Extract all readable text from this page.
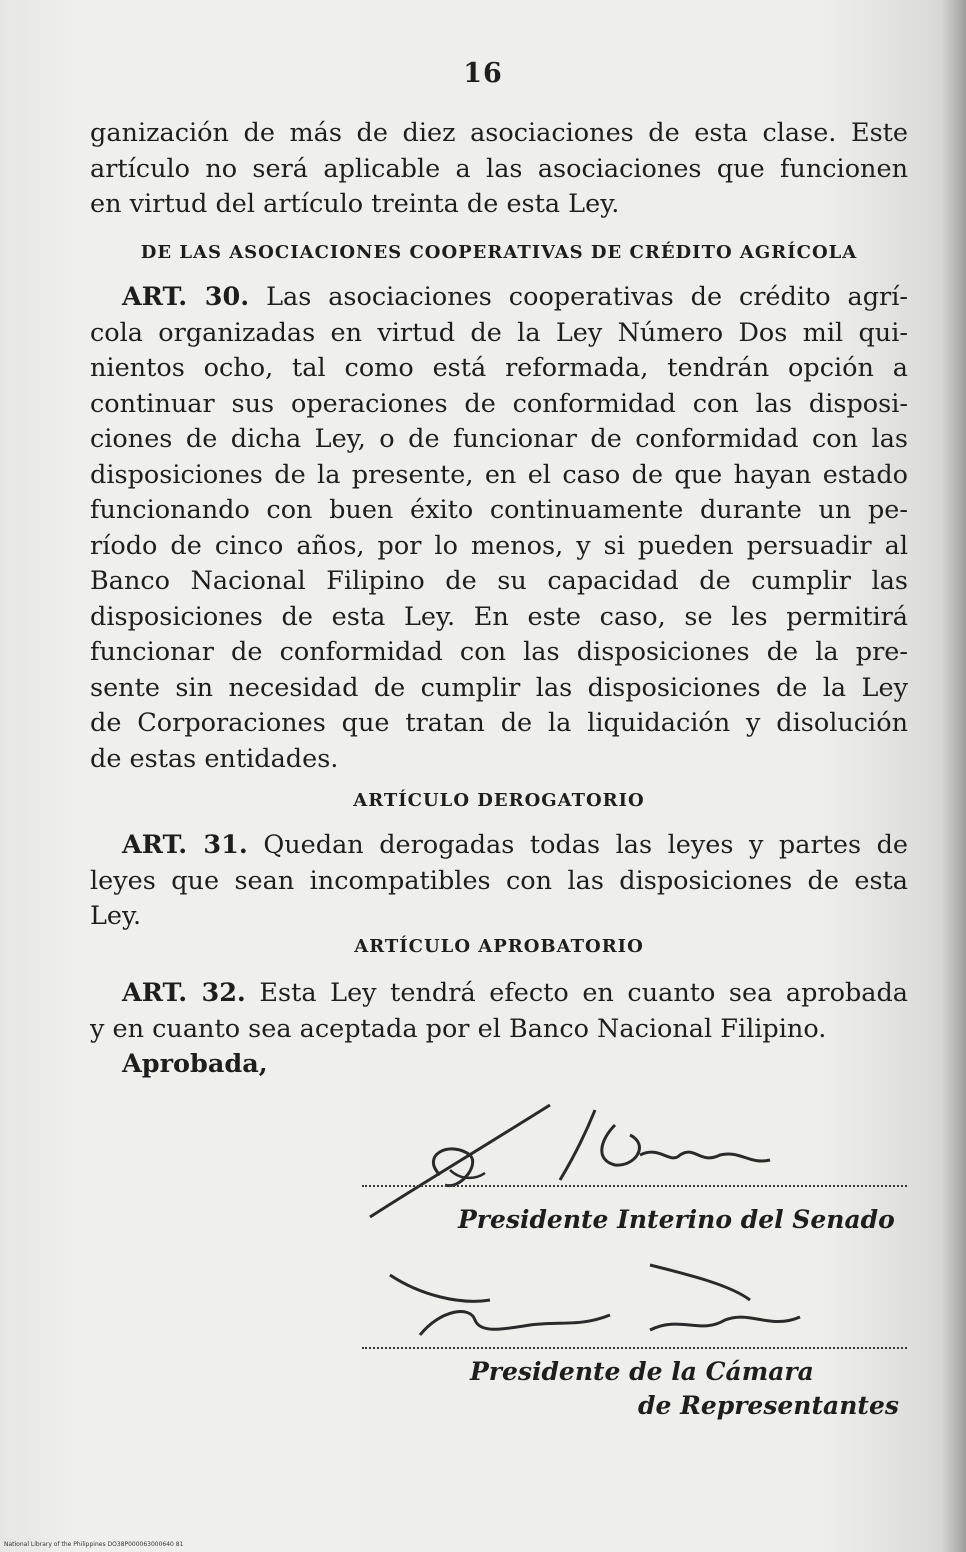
16
ganización de más de diez asociaciones de esta clase. Este
artículo no será aplicable a las asociaciones que funcionen
en virtud del artículo treinta de esta Ley.
DE LAS ASOCIACIONES COOPERATIVAS DE CRÉDITO AGRÍCOLA
ART. 30. Las asociaciones cooperativas de crédito agrí-
cola organizadas en virtud de la Ley Número Dos mil qui-
nientos ocho, tal como está reformada, tendrán opción a
continuar sus operaciones de conformidad con las disposi-
ciones de dicha Ley, o de funcionar de conformidad con las
disposiciones de la presente, en el caso de que hayan estado
funcionando con buen éxito continuamente durante un pe-
ríodo de cinco años, por lo menos, y si pueden persuadir al
Banco Nacional Filipino de su capacidad de cumplir las
disposiciones de esta Ley. En este caso, se les permitirá
funcionar de conformidad con las disposiciones de la pre-
sente sin necesidad de cumplir las disposiciones de la Ley
de Corporaciones que tratan de la liquidación y disolución
de estas entidades.
ARTÍCULO DEROGATORIO
ART. 31. Quedan derogadas todas las leyes y partes de
leyes que sean incompatibles con las disposiciones de esta
Ley.
ARTÍCULO APROBATORIO
ART. 32. Esta Ley tendrá efecto en cuanto sea aprobada
y en cuanto sea aceptada por el Banco Nacional Filipino.
Aprobada,
Presidente Interino del Senado
Presidente de la Cámara
de Representantes
National Library of the Philippines DO38P000063000640 81
